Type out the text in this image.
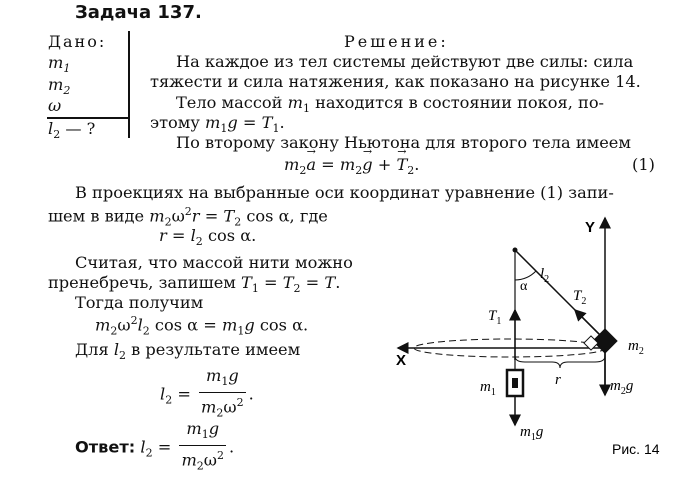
Задача 137.
Дано:
$m_1$
$m_2$
ω
$l_2$ — ?
Решение:
На каждое из тел системы действуют две силы: сила
тяжести и сила натяжения, как показано на рисунке 14.
Тело массой $m_1$ находится в состоянии покоя, по-
этому $m_1g = T_1$.
По второму закону Ньютона для второго тела имеем
$m_2\to a = m_2\to g$ + → $T_2$.	(1)
В проекциях на выбранные оси координат уравнение (1) запи-
шем в виде $m_2\omega^2r = T_2$ cos α, где
$r = l_2$ cos α.
Считая, что массой нити можно
пренебречь, запишем $T_1 = T_2 = T$.
Тогда получим
$m_2\omega^2l_2$ $\cos \alpha = m_1g$ cos α.
Для $l_2$ в результате имеем
$l_2 = \frac{m_1g}{m_2\omega^2}$ .
Ответ: $l_2 = \frac{m_1g}{m_2\omega^2}$ .
Y
X
$l_2$
α
$T_2$
$m_2$
$m_2g$
r
$T_1$
$m_1$
$m_1g$
Рис. 14
